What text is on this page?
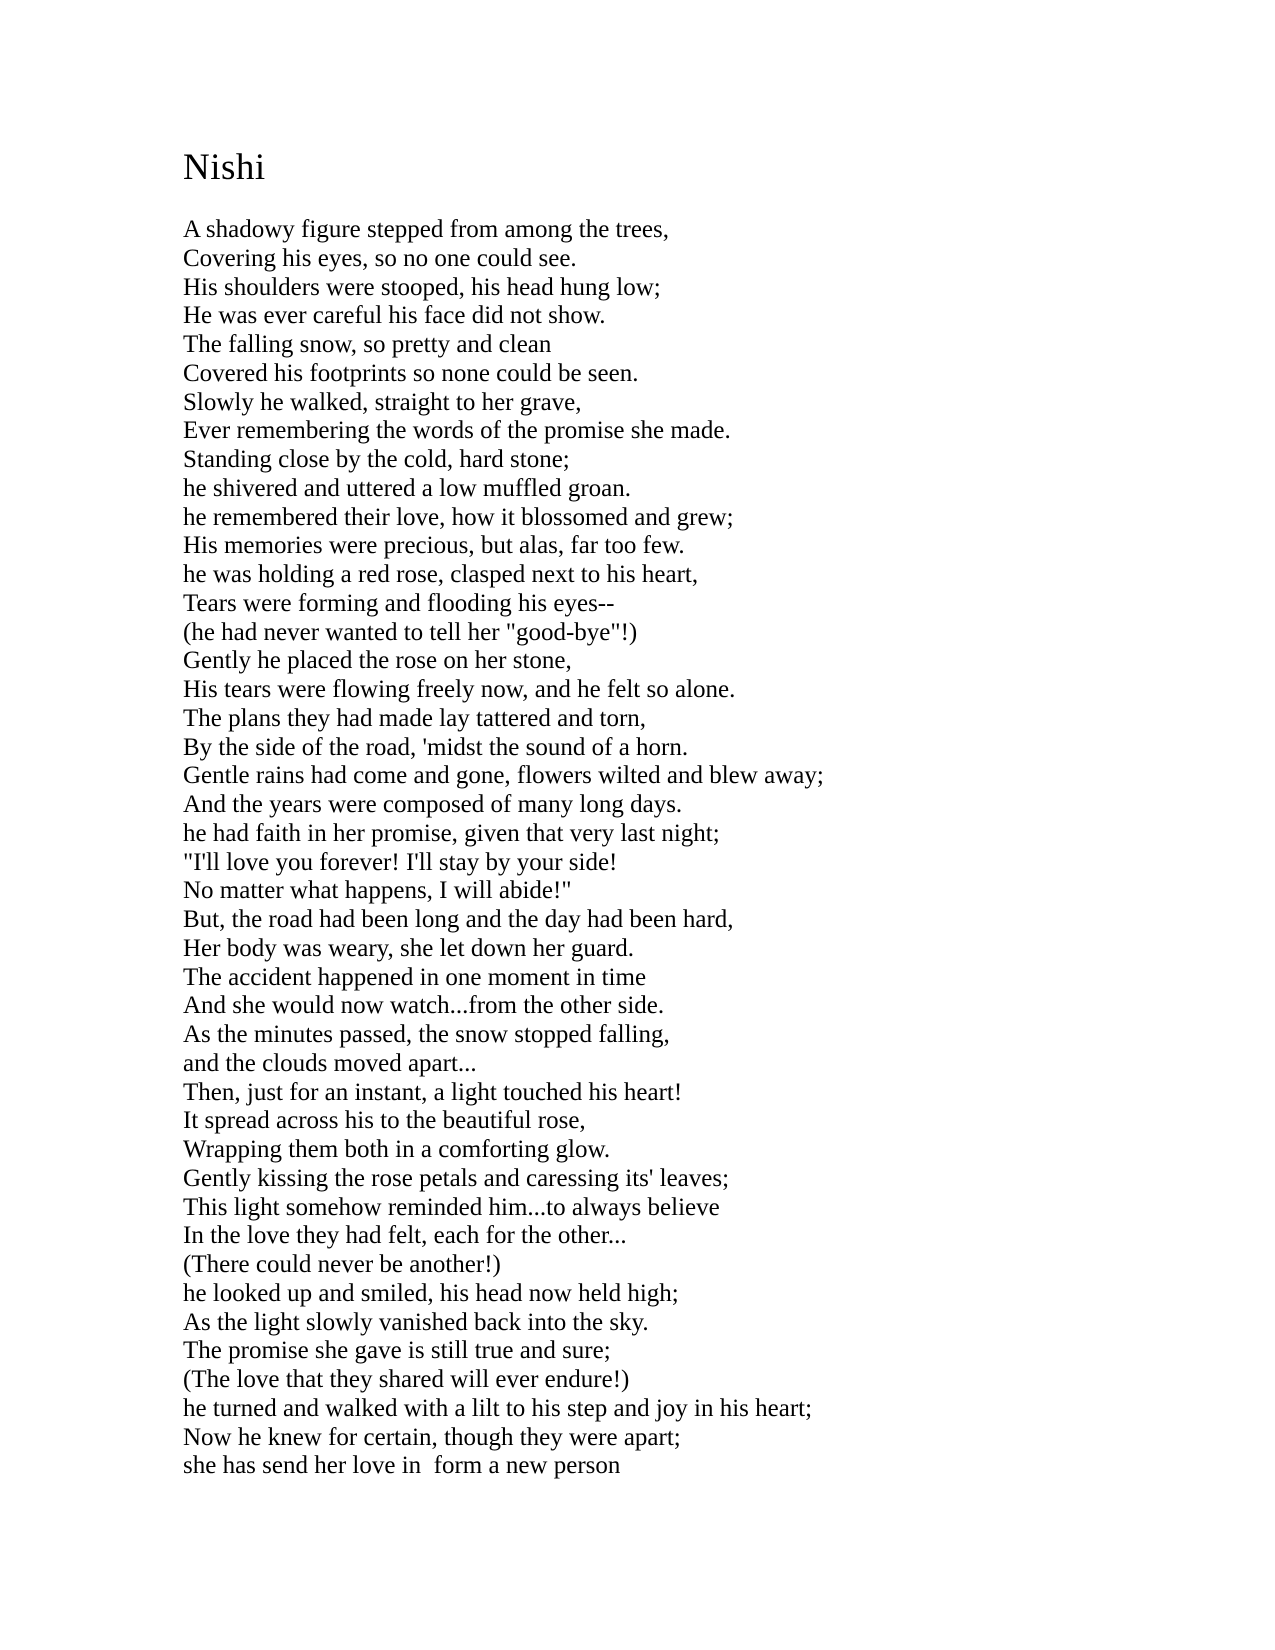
Nishi
A shadowy figure stepped from among the trees,
Covering his eyes, so no one could see.
His shoulders were stooped, his head hung low;
He was ever careful his face did not show.
The falling snow, so pretty and clean
Covered his footprints so none could be seen.
Slowly he walked, straight to her grave,
Ever remembering the words of the promise she made.
Standing close by the cold, hard stone;
he shivered and uttered a low muffled groan.
he remembered their love, how it blossomed and grew;
His memories were precious, but alas, far too few.
he was holding a red rose, clasped next to his heart,
Tears were forming and flooding his eyes--
(he had never wanted to tell her "good-bye"!)
Gently he placed the rose on her stone,
His tears were flowing freely now, and he felt so alone.
The plans they had made lay tattered and torn,
By the side of the road, 'midst the sound of a horn.
Gentle rains had come and gone, flowers wilted and blew away;
And the years were composed of many long days.
he had faith in her promise, given that very last night;
"I'll love you forever! I'll stay by your side!
No matter what happens, I will abide!"
But, the road had been long and the day had been hard,
Her body was weary, she let down her guard.
The accident happened in one moment in time
And she would now watch...from the other side.
As the minutes passed, the snow stopped falling,
and the clouds moved apart...
Then, just for an instant, a light touched his heart!
It spread across his to the beautiful rose,
Wrapping them both in a comforting glow.
Gently kissing the rose petals and caressing its' leaves;
This light somehow reminded him...to always believe
In the love they had felt, each for the other...
(There could never be another!)
he looked up and smiled, his head now held high;
As the light slowly vanished back into the sky.
The promise she gave is still true and sure;
(The love that they shared will ever endure!)
he turned and walked with a lilt to his step and joy in his heart;
Now he knew for certain, though they were apart;
she has send her love in  form a new person
